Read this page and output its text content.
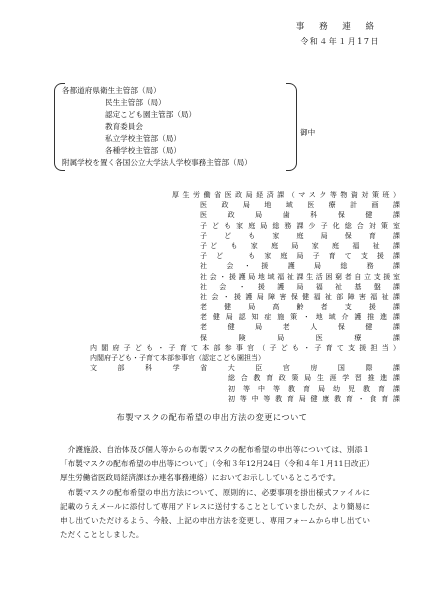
事 務 連 絡
令和４年１月17日
各都道府県衛生主管部（局）
民生主管部（局）
認定こども園主管部（局）
教育委員会
私立学校主管部（局）
各種学校主管部（局）
附属学校を置く各国公立大学法人学校事務主管部（局）
御中
厚生労働省医政局経済課（マスク等物資対策班）
医政局地域医療計画課
医　　政　　局　　歯　　科　　保　　健　　課
子ども家庭局総務課少子化総合対策室
子　ど　も　家　庭　局　保　育　課
子ど　も　家　庭　局　家　庭　福　祉　課
子ど　も家庭局子育て支援課
社　　会　・　援　　護　　局　　総　　務　　課
社会・援護局地域福祉課生活困窮者自立支援室
社　会　・　援　護　局　福　祉　基　盤　課
社会・援護局障害保健福祉部障害福祉課
老　　健　　局　　高　　齢　　者　　支　　援　　課
老健局認知症施策・地域介護推進課
老　　健　　局　　老　　人　　保　　健　　課
保　　険　　局　　医　　療　　課
内閣府子ども・子育て本部参事官（子ども・子育て支援担当）
内閣府子ども・子育て本部参事官（認定こども園担当）
文　部　科　学　省　大　臣　官　房　国　際　課
総合教育政策局生涯学習推進課
初等中等教育局幼児教育課
初等中等教育局健康教育・食育課
布製マスクの配布希望の申出方法の変更について

介護施設、自治体及び個人等からの布製マスクの配布希望の申出等については、別添１「布製マスクの配布希望の申出等について」（令和３年12月24日（令和４年１月11日改正）厚生労働省医政局経済課ほか連名事務連絡）においてお示ししているところです。

布製マスクの配布希望の申出方法について、原則的に、必要事項を掛出様式ファイルに記載のうえメールに添付して専用アドレスに送付することとしていましたが、より簡易に申し出ていただけるよう、今般、上記の申出方法を変更し、専用フォームから申し出ていただくこととしました。
